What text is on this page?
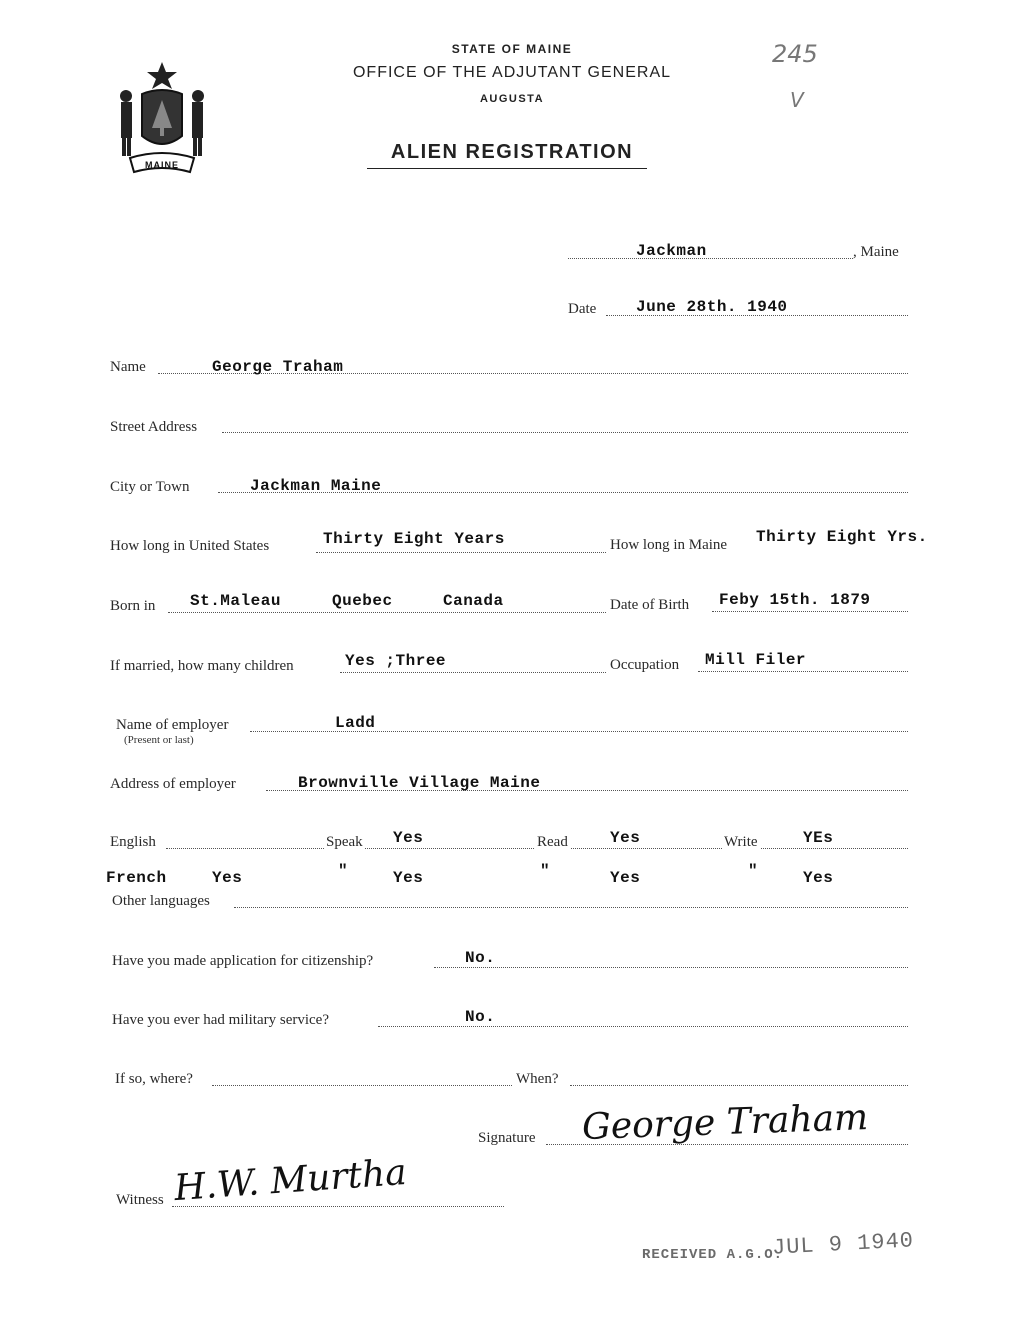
MAINE
STATE OF MAINE
OFFICE OF THE ADJUTANT GENERAL
AUGUSTA
ALIEN REGISTRATION
245
V
Jackman	, Maine
Date June 28th. 1940
Name	George Traham
Street Address
City or Town	Jackman Maine
How long in United States	Thirty Eight Years	How long in Maine Thirty Eight Yrs.
Born in St.Maleau	Quebec	Canada	Date of Birth Feby 15th. 1879
If married, how many children	Yes ;Three	Occupation Mill Filer
Name of employer
(Present or last)
Ladd
Address of employer	Brownville Village Maine
English	Speak Yes	Read	Yes	Write	YEs
French	Yes	"	Yes	"	Yes	"	Yes
Other languages
Have you made application for citizenship?	No.
Have you ever had military service?	No.
If so, where?	When?
Signature George Traham
Witness H.W. Murtha
RECEIVED A.G.O.
JUL 9 1940
